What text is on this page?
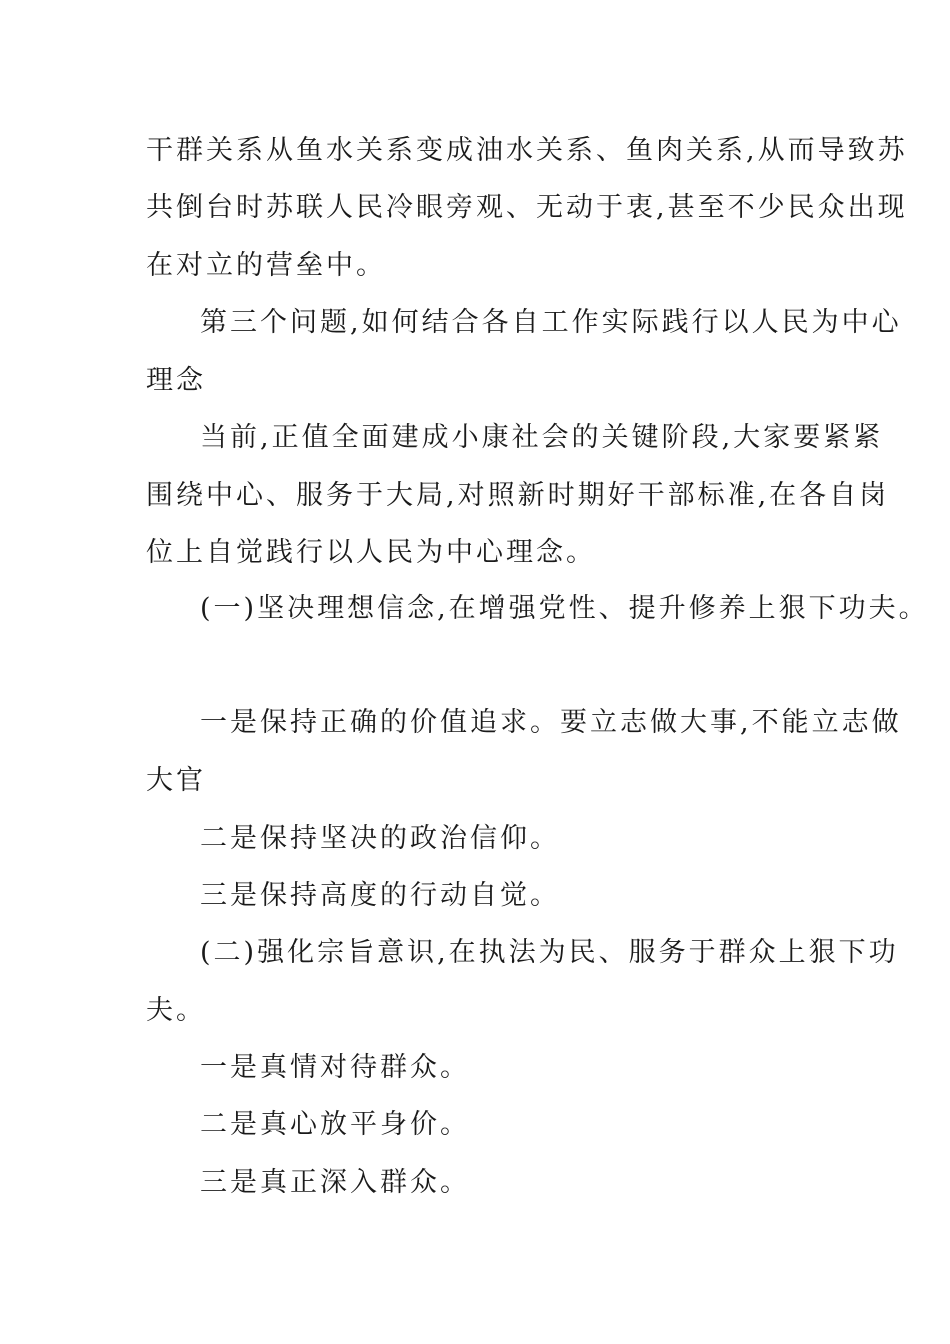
干群关系从鱼水关系变成油水关系、鱼肉关系,从而导致苏
共倒台时苏联人民冷眼旁观、无动于衷,甚至不少民众出现
在对立的营垒中。
第三个问题,如何结合各自工作实际践行以人民为中心
理念
当前,正值全面建成小康社会的关键阶段,大家要紧紧
围绕中心、服务于大局,对照新时期好干部标准,在各自岗
位上自觉践行以人民为中心理念。
(一)坚决理想信念,在增强党性、提升修养上狠下功夫。
一是保持正确的价值追求。要立志做大事,不能立志做
大官
二是保持坚决的政治信仰。
三是保持高度的行动自觉。
(二)强化宗旨意识,在执法为民、服务于群众上狠下功
夫。
一是真情对待群众。
二是真心放平身价。
三是真正深入群众。
